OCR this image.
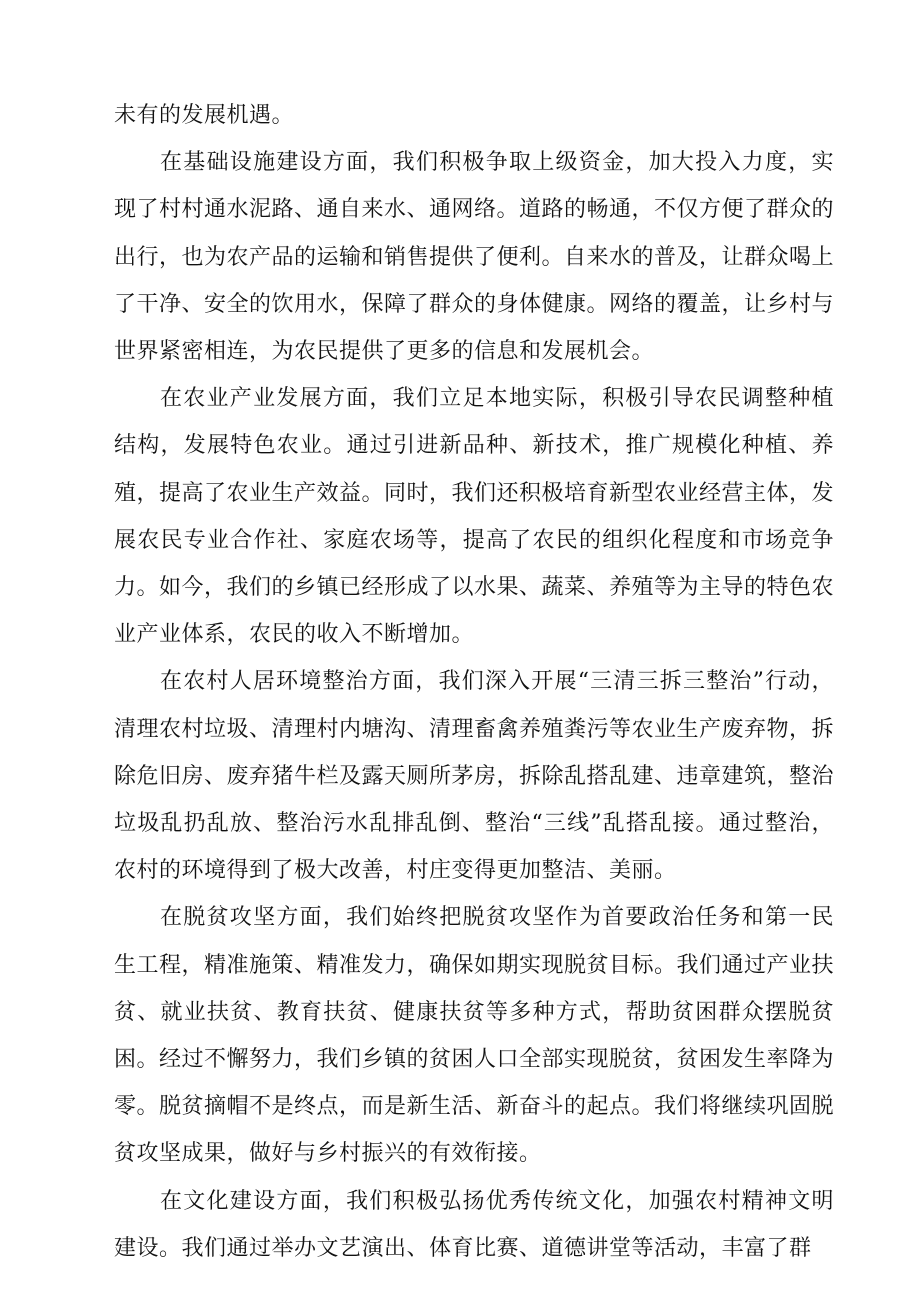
未有的发展机遇。

在基础设施建设方面，我们积极争取上级资金，加大投入力度，实现了村村通水泥路、通自来水、通网络。道路的畅通，不仅方便了群众的出行，也为农产品的运输和销售提供了便利。自来水的普及，让群众喝上了干净、安全的饮用水，保障了群众的身体健康。网络的覆盖，让乡村与世界紧密相连，为农民提供了更多的信息和发展机会。

在农业产业发展方面，我们立足本地实际，积极引导农民调整种植结构，发展特色农业。通过引进新品种、新技术，推广规模化种植、养殖，提高了农业生产效益。同时，我们还积极培育新型农业经营主体，发展农民专业合作社、家庭农场等，提高了农民的组织化程度和市场竞争力。如今，我们的乡镇已经形成了以水果、蔬菜、养殖等为主导的特色农业产业体系，农民的收入不断增加。

在农村人居环境整治方面，我们深入开展“三清三拆三整治”行动，清理农村垃圾、清理村内塘沟、清理畜禽养殖粪污等农业生产废弃物，拆除危旧房、废弃猪牛栏及露天厕所茅房，拆除乱搭乱建、违章建筑，整治垃圾乱扔乱放、整治污水乱排乱倒、整治“三线”乱搭乱接。通过整治，农村的环境得到了极大改善，村庄变得更加整洁、美丽。

在脱贫攻坚方面，我们始终把脱贫攻坚作为首要政治任务和第一民生工程，精准施策、精准发力，确保如期实现脱贫目标。我们通过产业扶贫、就业扶贫、教育扶贫、健康扶贫等多种方式，帮助贫困群众摆脱贫困。经过不懈努力，我们乡镇的贫困人口全部实现脱贫，贫困发生率降为零。脱贫摘帽不是终点，而是新生活、新奋斗的起点。我们将继续巩固脱贫攻坚成果，做好与乡村振兴的有效衔接。

在文化建设方面，我们积极弘扬优秀传统文化，加强农村精神文明建设。我们通过举办文艺演出、体育比赛、道德讲堂等活动，丰富了群
